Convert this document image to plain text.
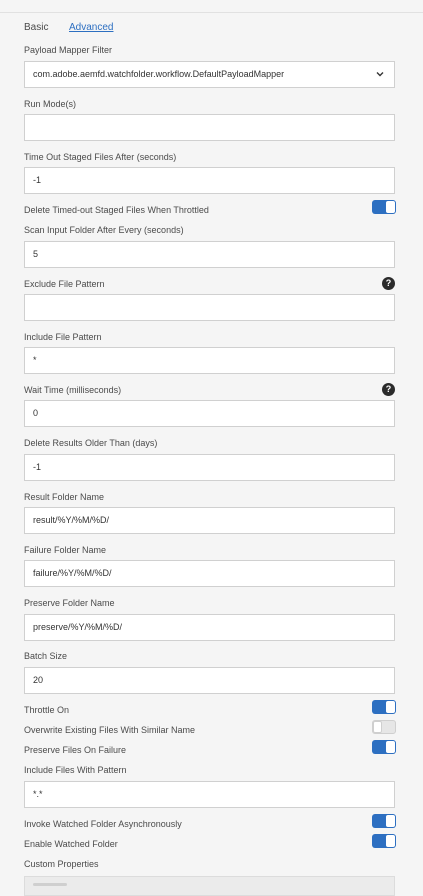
Basic Advanced
Payload Mapper Filter
com.adobe.aemfd.watchfolder.workflow.DefaultPayloadMapper
Run Mode(s)
Time Out Staged Files After (seconds)
-1
Delete Timed-out Staged Files When Throttled
Scan Input Folder After Every (seconds)
5
Exclude File Pattern	?
Include File Pattern
*
Wait Time (milliseconds)	?
0
Delete Results Older Than (days)
-1
Result Folder Name
result/%Y/%M/%D/
Failure Folder Name
failure/%Y/%M/%D/
Preserve Folder Name
preserve/%Y/%M/%D/
Batch Size
20
Throttle On
Overwrite Existing Files With Similar Name
Preserve Files On Failure
Include Files With Pattern
*.*
Invoke Watched Folder Asynchronously
Enable Watched Folder
Custom Properties
